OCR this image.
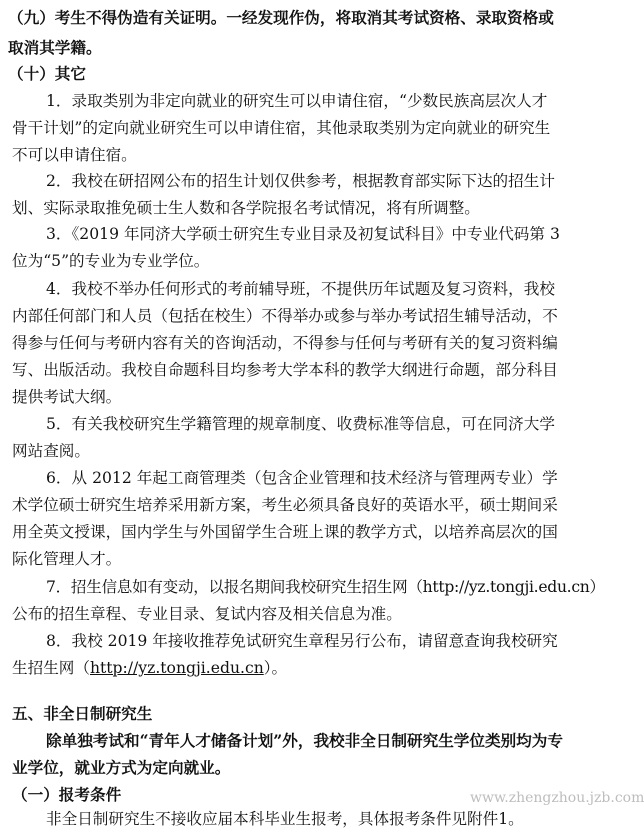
（九）考生不得伪造有关证明。一经发现作伪，将取消其考试资格、录取资格或
取消其学籍。
（十）其它
1．录取类别为非定向就业的研究生可以申请住宿，“少数民族高层次人才
骨干计划”的定向就业研究生可以申请住宿，其他录取类别为定向就业的研究生
不可以申请住宿。
2．我校在研招网公布的招生计划仅供参考，根据教育部实际下达的招生计
划、实际录取推免硕士生人数和各学院报名考试情况，将有所调整。
3．《2019 年同济大学硕士研究生专业目录及初复试科目》中专业代码第 3
位为“5”的专业为专业学位。
4．我校不举办任何形式的考前辅导班，不提供历年试题及复习资料，我校
内部任何部门和人员（包括在校生）不得举办或参与举办考试招生辅导活动，不
得参与任何与考研内容有关的咨询活动，不得参与任何与考研有关的复习资料编
写、出版活动。我校自命题科目均参考大学本科的教学大纲进行命题，部分科目
提供考试大纲。
5．有关我校研究生学籍管理的规章制度、收费标准等信息，可在同济大学
网站查阅。
6．从 2012 年起工商管理类（包含企业管理和技术经济与管理两专业）学
术学位硕士研究生培养采用新方案，考生必须具备良好的英语水平，硕士期间采
用全英文授课，国内学生与外国留学生合班上课的教学方式，以培养高层次的国
际化管理人才。
7．招生信息如有变动，以报名期间我校研究生招生网（http://yz.tongji.edu.cn）
公布的招生章程、专业目录、复试内容及相关信息为准。
8．我校 2019 年接收推荐免试研究生章程另行公布，请留意查询我校研究
生招生网（http://yz.tongji.edu.cn）。
五、非全日制研究生
除单独考试和“青年人才储备计划”外，我校非全日制研究生学位类别均为专
业学位，就业方式为定向就业。
（一）报考条件
非全日制研究生不接收应届本科毕业生报考，具体报考条件见附件1。
www.zhengzhou.jzb.com
